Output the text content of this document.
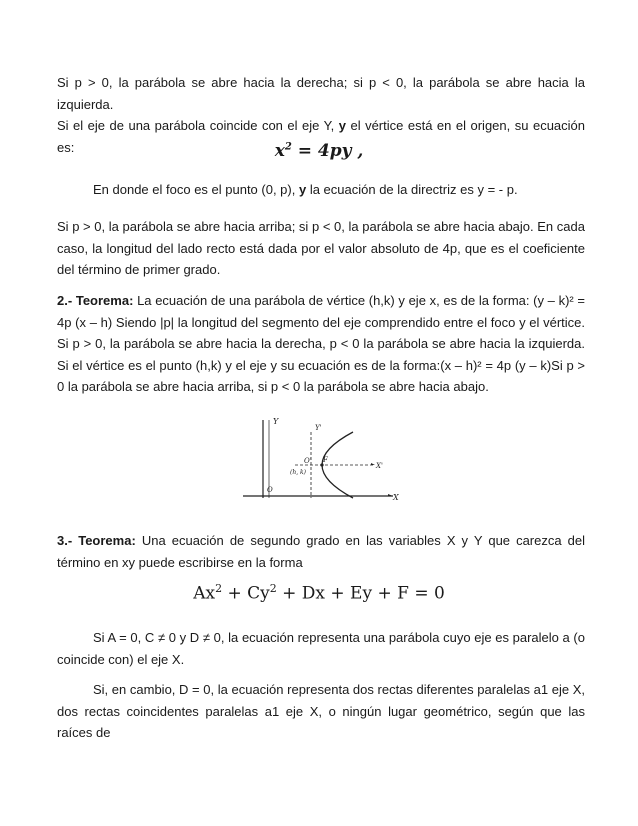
Si p > 0, la parábola se abre hacia la derecha; si p < 0, la parábola se abre hacia la izquierda.
Si el eje de una parábola coincide con el eje Y, y el vértice está en el origen, su ecuación es:	$x^2 = 4py$ ,

En donde el foco es el punto (0, p), y la ecuación de la directriz es y = - p.

Si p > 0, la parábola se abre hacia arriba; si p < 0, la parábola se abre hacia abajo. En cada caso, la longitud del lado recto está dada por el valor absoluto de 4p, que es el coeficiente del término de primer grado.

2.- Teorema: La ecuación de una parábola de vértice (h,k) y eje x, es de la forma: (y – k)² = 4p (x – h) Siendo |p| la longitud del segmento del eje comprendido entre el foco y el vértice. Si p > 0, la parábola se abre hacia la derecha, p < 0 la parábola se abre hacia la izquierda. Si el vértice es el punto (h,k) y el eje y su ecuación es de la forma:(x – h)² = 4p (y – k)Si p > 0 la parábola se abre hacia arriba, si p < 0 la parábola se abre hacia abajo.

Y
Y'
O' F
(h, k)
X'
O
X

3.- Teorema: Una ecuación de segundo grado en las variables X y Y que carezca del término en xy puede escribirse en la forma

$Ax^2 + Cy^2 + Dx + Ey + F = 0$

Si A = 0, C ≠ 0 y D ≠ 0, la ecuación representa una parábola cuyo eje es paralelo a (o coincide con) el eje X.

Si, en cambio, D = 0, la ecuación representa dos rectas diferentes paralelas a1 eje X, dos rectas coincidentes paralelas a1 eje X, o ningún lugar geométrico, según que las raíces de
